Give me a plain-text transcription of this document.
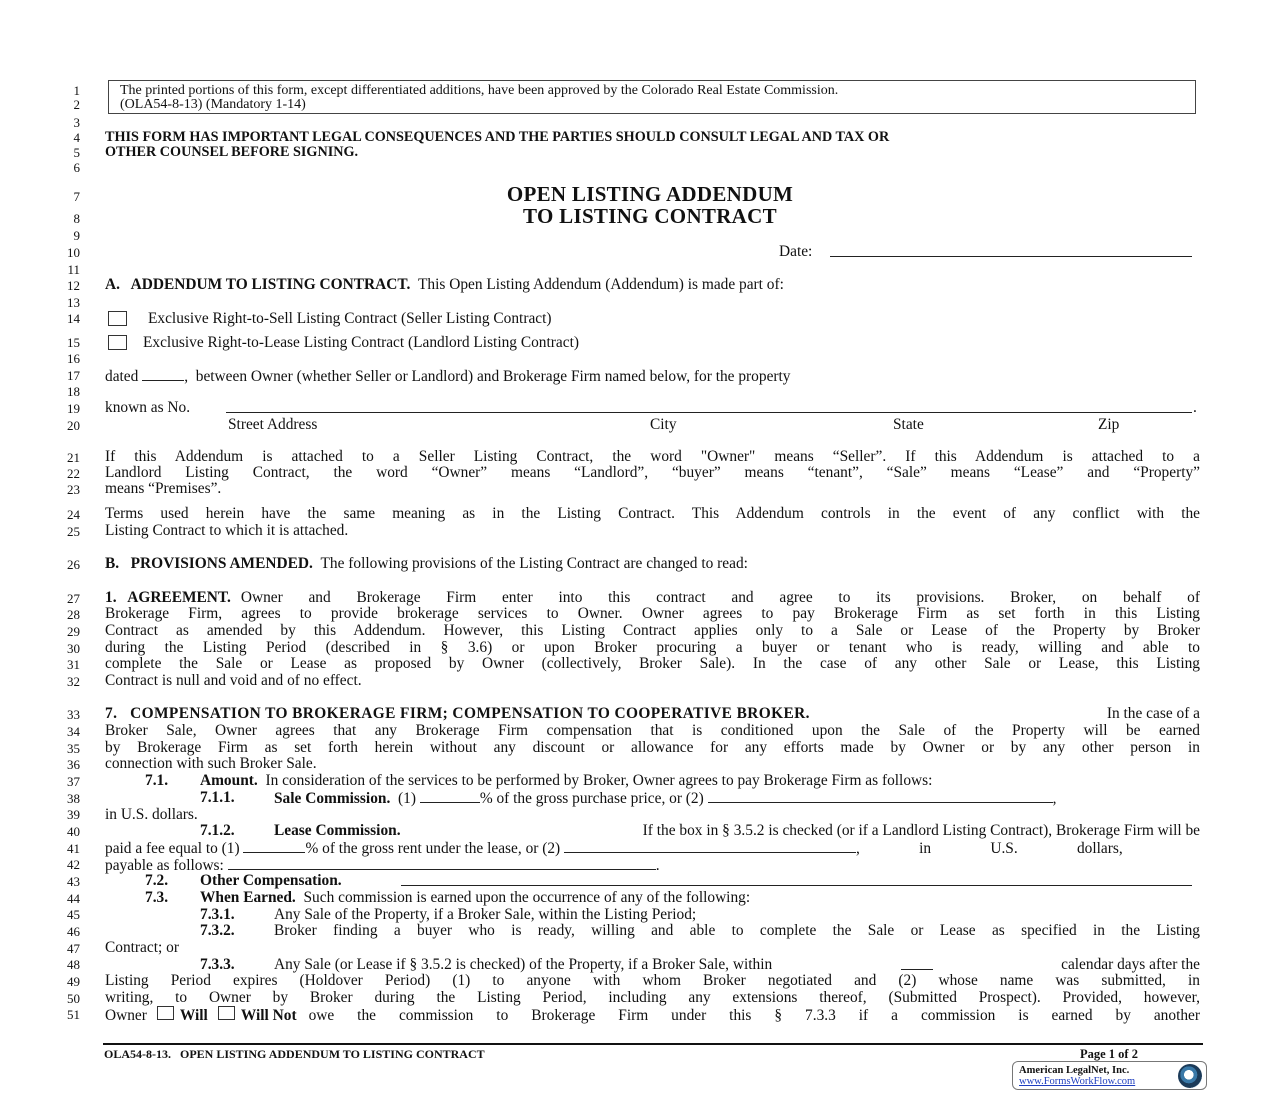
1
2
3
4
5
6
7
8
9
10
11
12
13
14
15
16
17
18
19
20
21
22
23
24
25
26
27
28
29
30
31
32
33
34
35
36
37
38
39
40
41
42
43
44
45
46
47
48
49
50
51
The printed portions of this form, except differentiated additions, have been approved by the Colorado Real Estate Commission.
(OLA54-8-13) (Mandatory 1-14)
THIS FORM HAS IMPORTANT LEGAL CONSEQUENCES AND THE PARTIES SHOULD CONSULT LEGAL AND TAX OR
OTHER COUNSEL BEFORE SIGNING.
OPEN LISTING ADDENDUM
TO LISTING CONTRACT
Date:
A.   ADDENDUM TO LISTING CONTRACT. This Open Listing Addendum (Addendum) is made part of:
Exclusive Right-to-Sell Listing Contract (Seller Listing Contract)
Exclusive Right-to-Lease Listing Contract (Landlord Listing Contract)
dated	,  between Owner (whether Seller or Landlord) and Brokerage Firm named below, for the property
known as No.	.
Street Address	City	State	Zip
If this Addendum is attached to a Seller Listing Contract, the word "Owner" means “Seller”. If this Addendum is attached to a
Landlord Listing Contract, the word “Owner” means “Landlord”, “buyer” means “tenant”, “Sale” means “Lease” and “Property”
means “Premises”.
Terms used herein have the same meaning as in the Listing Contract. This Addendum controls in the event of any conflict with the
Listing Contract to which it is attached.
B.   PROVISIONS AMENDED. The following provisions of the Listing Contract are changed to read:
1.   AGREEMENT. Owner and Brokerage Firm enter into this contract and agree to its provisions. Broker, on behalf of
Brokerage Firm, agrees to provide brokerage services to Owner. Owner agrees to pay Brokerage Firm as set forth in this Listing
Contract as amended by this Addendum. However, this Listing Contract applies only to a Sale or Lease of the Property by Broker
during the Listing Period (described in § 3.6) or upon Broker procuring a buyer or tenant who is ready, willing and able to
complete the Sale or Lease as proposed by Owner (collectively, Broker Sale). In the case of any other Sale or Lease, this Listing
Contract is null and void and of no effect.
7.   COMPENSATION TO BROKERAGE FIRM; COMPENSATION TO COOPERATIVE BROKER.	In the case of a
Broker Sale, Owner agrees that any Brokerage Firm compensation that is conditioned upon the Sale of the Property will be earned
by Brokerage Firm as set forth herein without any discount or allowance for any efforts made by Owner or by any other person in
connection with such Broker Sale.
7.1. Amount. In consideration of the services to be performed by Broker, Owner agrees to pay Brokerage Firm as follows:
7.1.1.	Sale Commission. (1)	% of the gross purchase price, or (2)	,
in U.S. dollars.
7.1.2.	Lease Commission.	If the box in § 3.5.2 is checked (or if a Landlord Listing Contract), Brokerage Firm will be
paid a fee equal to (1)	% of the gross rent under the lease, or (2)	,     in     U.S.     dollars,
payable as follows:	.
7.2. Other Compensation.
7.3. When Earned. Such commission is earned upon the occurrence of any of the following:
7.3.1.	Any Sale of the Property, if a Broker Sale, within the Listing Period;
7.3.2.	Broker finding a buyer who is ready, willing and able to complete the Sale or Lease as specified in the Listing
Contract; or
7.3.3.	Any Sale (or Lease if § 3.5.2 is checked) of the Property, if a Broker Sale, within	calendar days after the
Listing Period expires (Holdover Period) (1) to anyone with whom Broker negotiated and (2) whose name was submitted, in
writing, to Owner by Broker during the Listing Period, including any extensions thereof, (Submitted Prospect). Provided, however,
Owner Will Will Not owe the commission to Brokerage Firm under this § 7.3.3 if a commission is earned by another
OLA54-8-13.   OPEN LISTING ADDENDUM TO LISTING CONTRACT	Page 1 of 2
American LegalNet, Inc.
www.FormsWorkFlow.com
